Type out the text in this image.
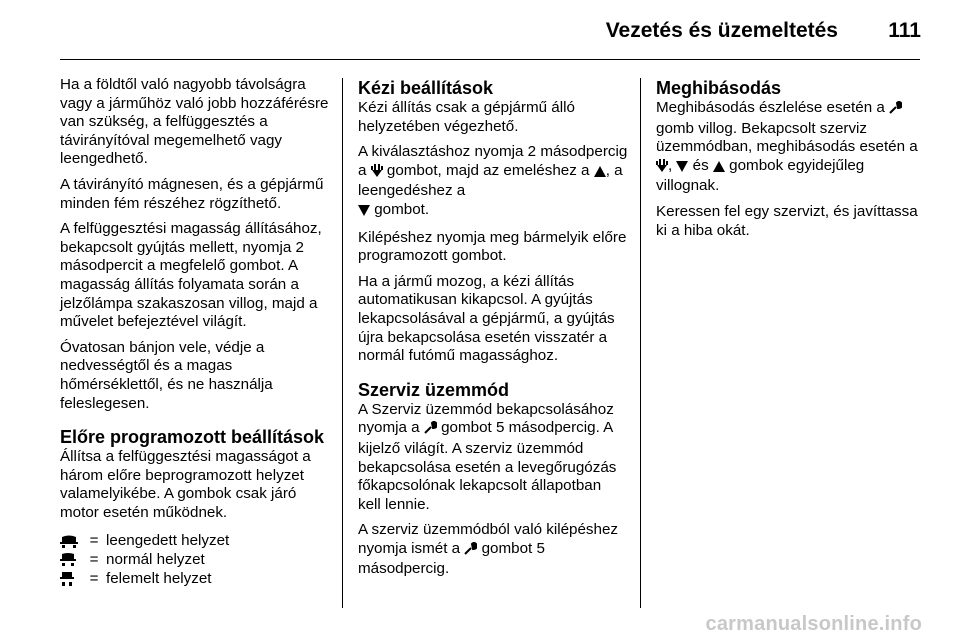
Vezetés és üzemeltetés 111

Ha a földtől való nagyobb távolságra vagy a járműhöz való jobb hozzáférésre van szükség, a felfüggesztés a távirányítóval megemelhető vagy leengedhető.

A távirányító mágnesen, és a gépjármű minden fém részéhez rögzíthető.

A felfüggesztési magasság állításához, bekapcsolt gyújtás mellett, nyomja 2 másodpercit a megfelelő gombot. A magasság állítás folyamata során a jelzőlámpa szakaszosan villog, majd a művelet befejeztével világít.

Óvatosan bánjon vele, védje a nedvességtől és a magas hőmérséklettől, és ne használja feleslegesen.

Előre programozott beállítások

Állítsa a felfüggesztési magasságot a három előre beprogramozott helyzet valamelyikébe. A gombok csak járó motor esetén működnek.

= leengedett helyzet
= normál helyzet
= felemelt helyzet
Kézi beállítások

Kézi állítás csak a gépjármű álló helyzetében végezhető.

A kiválasztáshoz nyomja 2 másodpercig a  gombot, majd az emeléshez a , a leengedéshez a
gombot.

Kilépéshez nyomja meg bármelyik előre programozott gombot.

Ha a jármű mozog, a kézi állítás automatikusan kikapcsol. A gyújtás lekapcsolásával a gépjármű, a gyújtás újra bekapcsolása esetén visszatér a normál futómű magassághoz.

Szerviz üzemmód

A Szerviz üzemmód bekapcsolásához nyomja a  gombot 5 másodpercig. A kijelző világít. A szerviz üzemmód bekapcsolása esetén a levegőrugózás főkapcsolónak lekapcsolt állapotban kell lennie.

A szerviz üzemmódból való kilépéshez nyomja ismét a  gombot 5 másodpercig.

Meghibásodás

Meghibásodás észlelése esetén a  gomb villog. Bekapcsolt szerviz üzemmódban, meghibásodás esetén a ,  és  gombok egyidejűleg villognak.

Keressen fel egy szervizt, és javíttassa ki a hiba okát.

carmanualsonline.info
